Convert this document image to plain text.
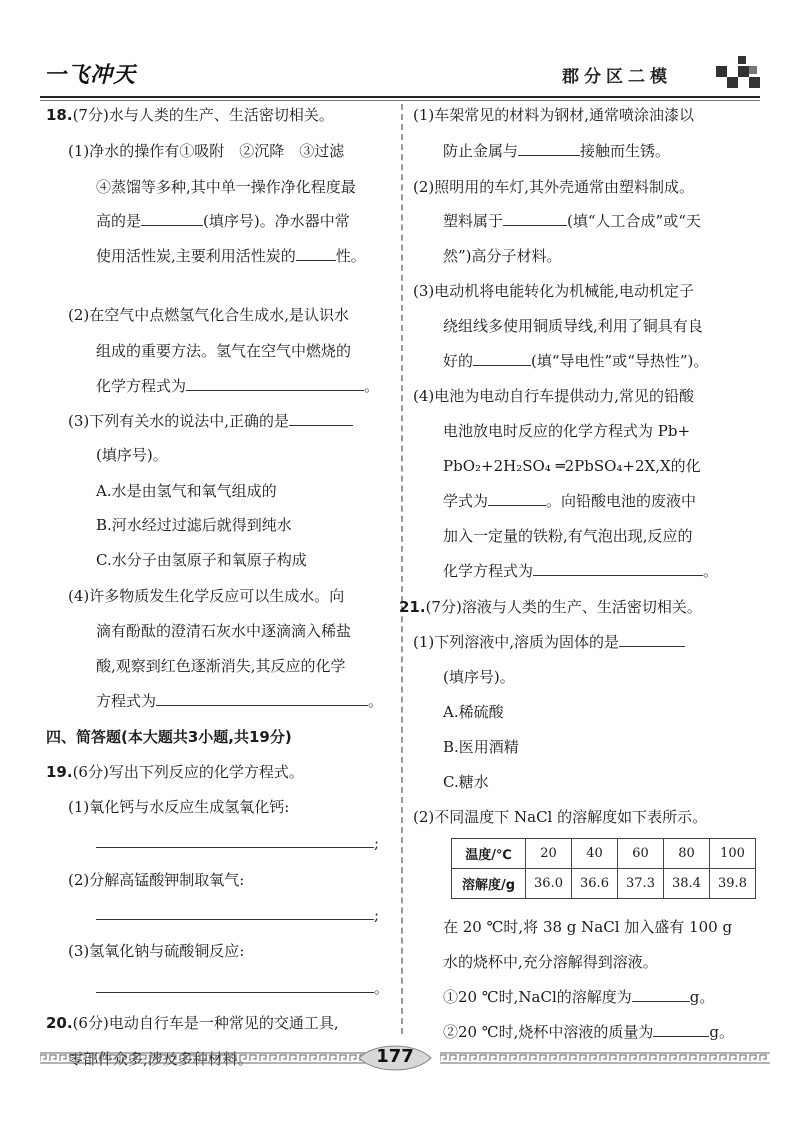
一飞冲天	郡分区二模
18.(7分)水与人类的生产、生活密切相关。
(1)净水的操作有①吸附　②沉降　③过滤
④蒸馏等多种,其中单一操作净化程度最
高的是	(填序号)。净水器中常
使用活性炭,主要利用活性炭的	性。
(2)在空气中点燃氢气化合生成水,是认识水
组成的重要方法。氢气在空气中燃烧的
化学方程式为	。
(3)下列有关水的说法中,正确的是
(填序号)。
A.水是由氢气和氧气组成的
B.河水经过过滤后就得到纯水
C.水分子由氢原子和氧原子构成
(4)许多物质发生化学反应可以生成水。向
滴有酚酞的澄清石灰水中逐滴滴入稀盐
酸,观察到红色逐渐消失,其反应的化学
方程式为	。
四、简答题(本大题共3小题,共19分)
19.(6分)写出下列反应的化学方程式。
(1)氧化钙与水反应生成氢氧化钙:
;
(2)分解高锰酸钾制取氧气:
;
(3)氢氧化钠与硫酸铜反应:
。
20.(6分)电动自行车是一种常见的交通工具,
零部件众多,涉及多种材料。
温度/℃	20	40	60	80	100
溶解度/g	36.0	36.6	37.3	38.4	39.8
(1)车架常见的材料为钢材,通常喷涂油漆以
防止金属与	接触而生锈。
(2)照明用的车灯,其外壳通常由塑料制成。
塑料属于	(填“人工合成”或“天
然”)高分子材料。
(3)电动机将电能转化为机械能,电动机定子
绕组线多使用铜质导线,利用了铜具有良
好的	(填“导电性”或“导热性”)。
(4)电池为电动自行车提供动力,常见的铅酸
电池放电时反应的化学方程式为 Pb+
PbO₂+2H₂SO₄ ═2PbSO₄+2X,X的化
学式为	。向铅酸电池的废液中
加入一定量的铁粉,有气泡出现,反应的
化学方程式为	。
21.(7分)溶液与人类的生产、生活密切相关。
(1)下列溶液中,溶质为固体的是
(填序号)。
A.稀硫酸
B.医用酒精
C.糖水
(2)不同温度下 NaCl 的溶解度如下表所示。
在 20 ℃时,将 38 g NaCl 加入盛有 100 g
水的烧杯中,充分溶解得到溶液。
①20 ℃时,NaCl的溶解度为	g。
②20 ℃时,烧杯中溶液的质量为	g。
177
